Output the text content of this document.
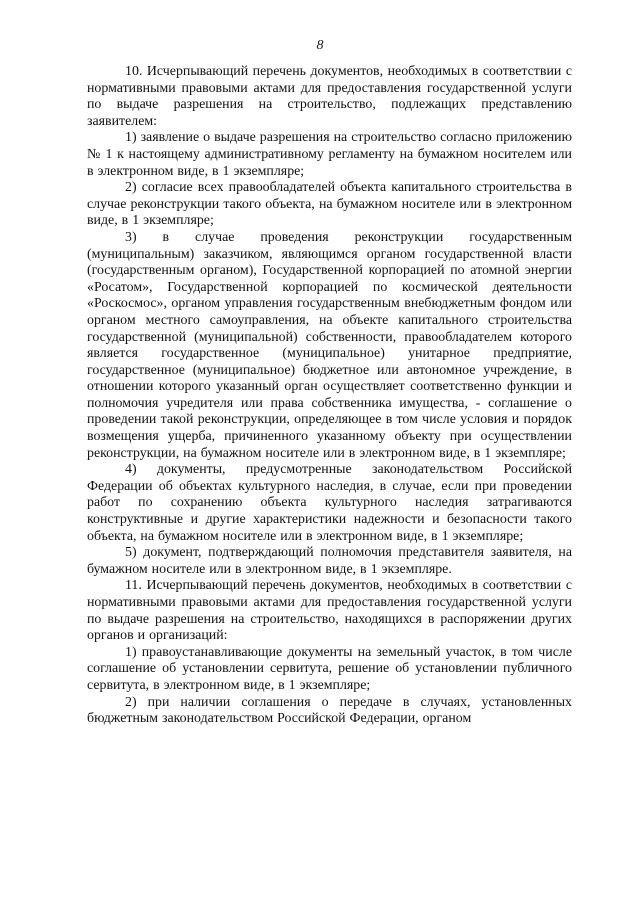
8

10. Исчерпывающий перечень документов, необходимых в соответствии с нормативными правовыми актами для предоставления государственной услуги по выдаче разрешения на строительство, подлежащих представлению заявителем:

1) заявление о выдаче разрешения на строительство согласно приложению № 1 к настоящему административному регламенту на бумажном носителем или в электронном виде, в 1 экземпляре;

2) согласие всех правообладателей объекта капитального строительства в случае реконструкции такого объекта, на бумажном носителе или в электронном виде, в 1 экземпляре;

3) в случае проведения реконструкции государственным (муниципальным) заказчиком, являющимся органом государственной власти (государственным органом), Государственной корпорацией по атомной энергии «Росатом», Государственной корпорацией по космической деятельности «Роскосмос», органом управления государственным внебюджетным фондом или органом местного самоуправления, на объекте капитального строительства государственной (муниципальной) собственности, правообладателем которого является государственное (муниципальное) унитарное предприятие, государственное (муниципальное) бюджетное или автономное учреждение, в отношении которого указанный орган осуществляет соответственно функции и полномочия учредителя или права собственника имущества, - соглашение о проведении такой реконструкции, определяющее в том числе условия и порядок возмещения ущерба, причиненного указанному объекту при осуществлении реконструкции, на бумажном носителе или в электронном виде, в 1 экземпляре;

4) документы, предусмотренные законодательством Российской Федерации об объектах культурного наследия, в случае, если при проведении работ по сохранению объекта культурного наследия затрагиваются конструктивные и другие характеристики надежности и безопасности такого объекта, на бумажном носителе или в электронном виде, в 1 экземпляре;

5) документ, подтверждающий полномочия представителя заявителя, на бумажном носителе или в электронном виде, в 1 экземпляре.

11. Исчерпывающий перечень документов, необходимых в соответствии с нормативными правовыми актами для предоставления государственной услуги по выдаче разрешения на строительство, находящихся в распоряжении других органов и организаций:

1) правоустанавливающие документы на земельный участок, в том числе соглашение об установлении сервитута, решение об установлении публичного сервитута, в электронном виде, в 1 экземпляре;

2) при наличии соглашения о передаче в случаях, установленных бюджетным законодательством Российской Федерации, органом
